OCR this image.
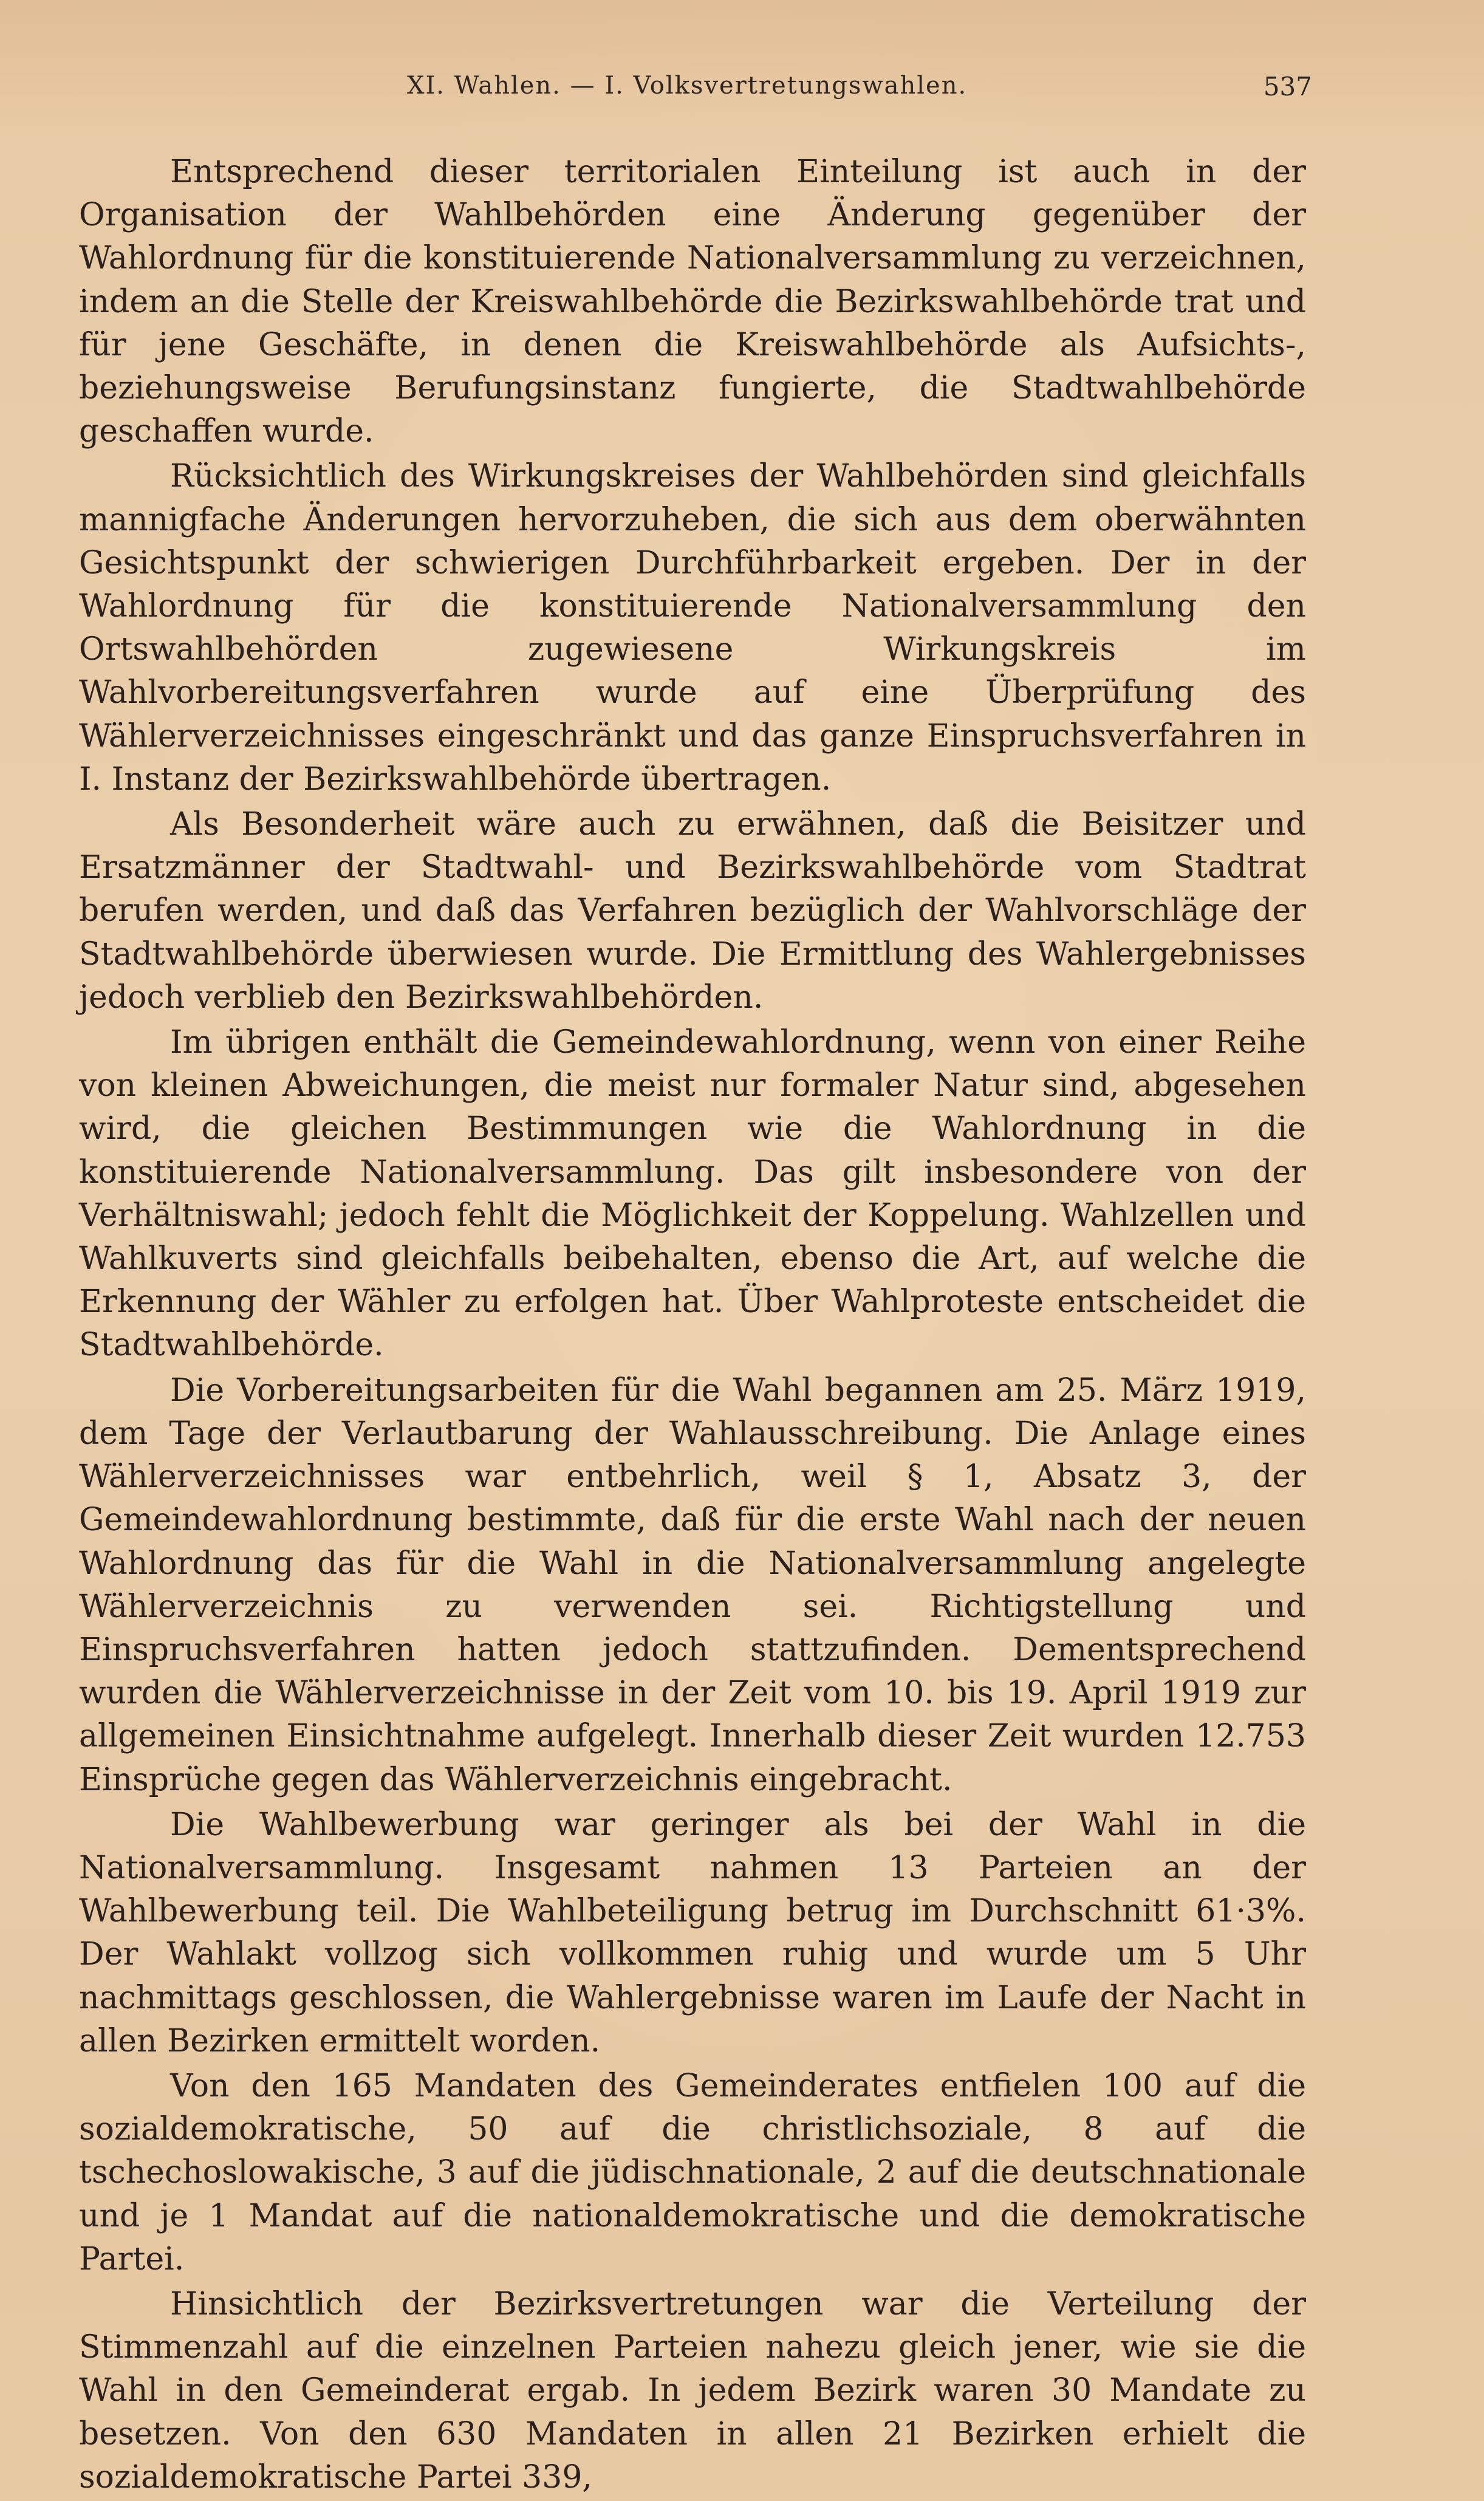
XI. Wahlen. — I. Volksvertretungswahlen.	537

Entsprechend dieser territorialen Einteilung ist auch in der Organisation der Wahlbehörden eine Änderung gegenüber der Wahlordnung für die konstituierende Nationalversammlung zu verzeichnen, indem an die Stelle der Kreiswahlbehörde die Bezirkswahlbehörde trat und für jene Geschäfte, in denen die Kreiswahlbehörde als Aufsichts-, beziehungsweise Berufungsinstanz fungierte, die Stadtwahlbehörde geschaffen wurde.

Rücksichtlich des Wirkungskreises der Wahlbehörden sind gleichfalls mannigfache Änderungen hervorzuheben, die sich aus dem oberwähnten Gesichtspunkt der schwierigen Durchführbarkeit ergeben. Der in der Wahlordnung für die konstituierende Nationalversammlung den Ortswahlbehörden zugewiesene Wirkungskreis im Wahlvorbereitungsverfahren wurde auf eine Überprüfung des Wählerverzeichnisses eingeschränkt und das ganze Einspruchsverfahren in I. Instanz der Bezirkswahlbehörde übertragen.

Als Besonderheit wäre auch zu erwähnen, daß die Beisitzer und Ersatzmänner der Stadtwahl- und Bezirkswahlbehörde vom Stadtrat berufen werden, und daß das Verfahren bezüglich der Wahlvorschläge der Stadtwahlbehörde überwiesen wurde. Die Ermittlung des Wahlergebnisses jedoch verblieb den Bezirkswahlbehörden.

Im übrigen enthält die Gemeindewahlordnung, wenn von einer Reihe von kleinen Abweichungen, die meist nur formaler Natur sind, abgesehen wird, die gleichen Bestimmungen wie die Wahlordnung in die konstituierende Nationalversammlung. Das gilt insbesondere von der Verhältniswahl; jedoch fehlt die Möglichkeit der Koppelung. Wahlzellen und Wahlkuverts sind gleichfalls beibehalten, ebenso die Art, auf welche die Erkennung der Wähler zu erfolgen hat. Über Wahlproteste entscheidet die Stadtwahlbehörde.

Die Vorbereitungsarbeiten für die Wahl begannen am 25. März 1919, dem Tage der Verlautbarung der Wahlausschreibung. Die Anlage eines Wählerverzeichnisses war entbehrlich, weil § 1, Absatz 3, der Gemeindewahlordnung bestimmte, daß für die erste Wahl nach der neuen Wahlordnung das für die Wahl in die Nationalversammlung angelegte Wählerverzeichnis zu verwenden sei. Richtigstellung und Einspruchsverfahren hatten jedoch stattzufinden. Dementsprechend wurden die Wählerverzeichnisse in der Zeit vom 10. bis 19. April 1919 zur allgemeinen Einsichtnahme aufgelegt. Innerhalb dieser Zeit wurden 12.753 Einsprüche gegen das Wählerverzeichnis eingebracht.

Die Wahlbewerbung war geringer als bei der Wahl in die Nationalversammlung. Insgesamt nahmen 13 Parteien an der Wahlbewerbung teil. Die Wahlbeteiligung betrug im Durchschnitt 61·3%. Der Wahlakt vollzog sich vollkommen ruhig und wurde um 5 Uhr nachmittags geschlossen, die Wahlergebnisse waren im Laufe der Nacht in allen Bezirken ermittelt worden.

Von den 165 Mandaten des Gemeinderates entfielen 100 auf die sozialdemokratische, 50 auf die christlichsoziale, 8 auf die tschechoslowakische, 3 auf die jüdischnationale, 2 auf die deutschnationale und je 1 Mandat auf die nationaldemokratische und die demokratische Partei.

Hinsichtlich der Bezirksvertretungen war die Verteilung der Stimmenzahl auf die einzelnen Parteien nahezu gleich jener, wie sie die Wahl in den Gemeinderat ergab. In jedem Bezirk waren 30 Mandate zu besetzen. Von den 630 Mandaten in allen 21 Bezirken erhielt die sozialdemokratische Partei 339,
